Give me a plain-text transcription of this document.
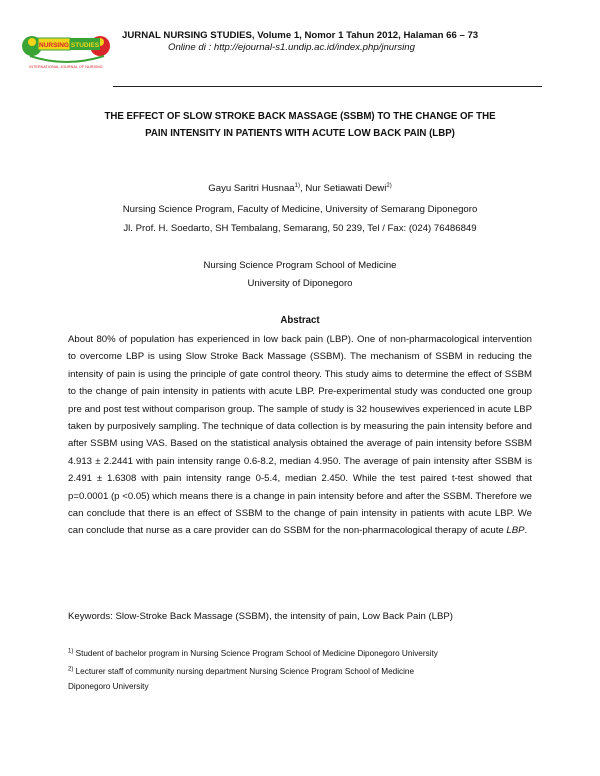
NURSING STUDIES
INTERNATIONAL JOURNAL OF NURSING
JURNAL NURSING STUDIES, Volume 1, Nomor 1 Tahun 2012, Halaman 66 – 73
Online di : http://ejournal-s1.undip.ac.id/index.php/jnursing
THE EFFECT OF SLOW STROKE BACK MASSAGE (SSBM) TO THE CHANGE OF THE
PAIN INTENSITY IN PATIENTS WITH ACUTE LOW BACK PAIN (LBP)
Gayu Saritri Husnaa$^{1)}$, Nur Setiawati Dewi$^{2)}$
Nursing Science Program, Faculty of Medicine, University of Semarang Diponegoro
Jl. Prof. H. Soedarto, SH Tembalang, Semarang, 50 239, Tel / Fax: (024) 76486849
Nursing Science Program School of Medicine
University of Diponegoro
Abstract
About 80% of population has experienced in low back pain (LBP). One of non-pharmacological intervention to overcome LBP is using Slow Stroke Back Massage (SSBM). The mechanism of SSBM in reducing the intensity of pain is using the principle of gate control theory. This study aims to determine the effect of SSBM to the change of pain intensity in patients with acute LBP. Pre-experimental study was conducted one group pre and post test without comparison group. The sample of study is 32 housewives experienced in acute LBP taken by purposively sampling. The technique of data collection is by measuring the pain intensity before and after SSBM using VAS. Based on the statistical analysis obtained the average of pain intensity before SSBM 4.913 ± 2.2441 with pain intensity range 0.6-8.2, median 4.950. The average of pain intensity after SSBM is 2.491 ± 1.6308 with pain intensity range 0-5.4, median 2.450. While the test paired t-test showed that p=0.0001 (p <0.05) which means there is a change in pain intensity before and after the SSBM. Therefore we can conclude that there is an effect of SSBM to the change of pain intensity in patients with acute LBP. We can conclude that nurse as a care provider can do SSBM for the non-pharmacological therapy of acute LBP.
Keywords: Slow-Stroke Back Massage (SSBM), the intensity of pain, Low Back Pain (LBP)
$^{1)}$ Student of bachelor program in Nursing Science Program School of Medicine Diponegoro University
$^{2)}$ Lecturer staff of community nursing department Nursing Science Program School of Medicine
Diponegoro University
